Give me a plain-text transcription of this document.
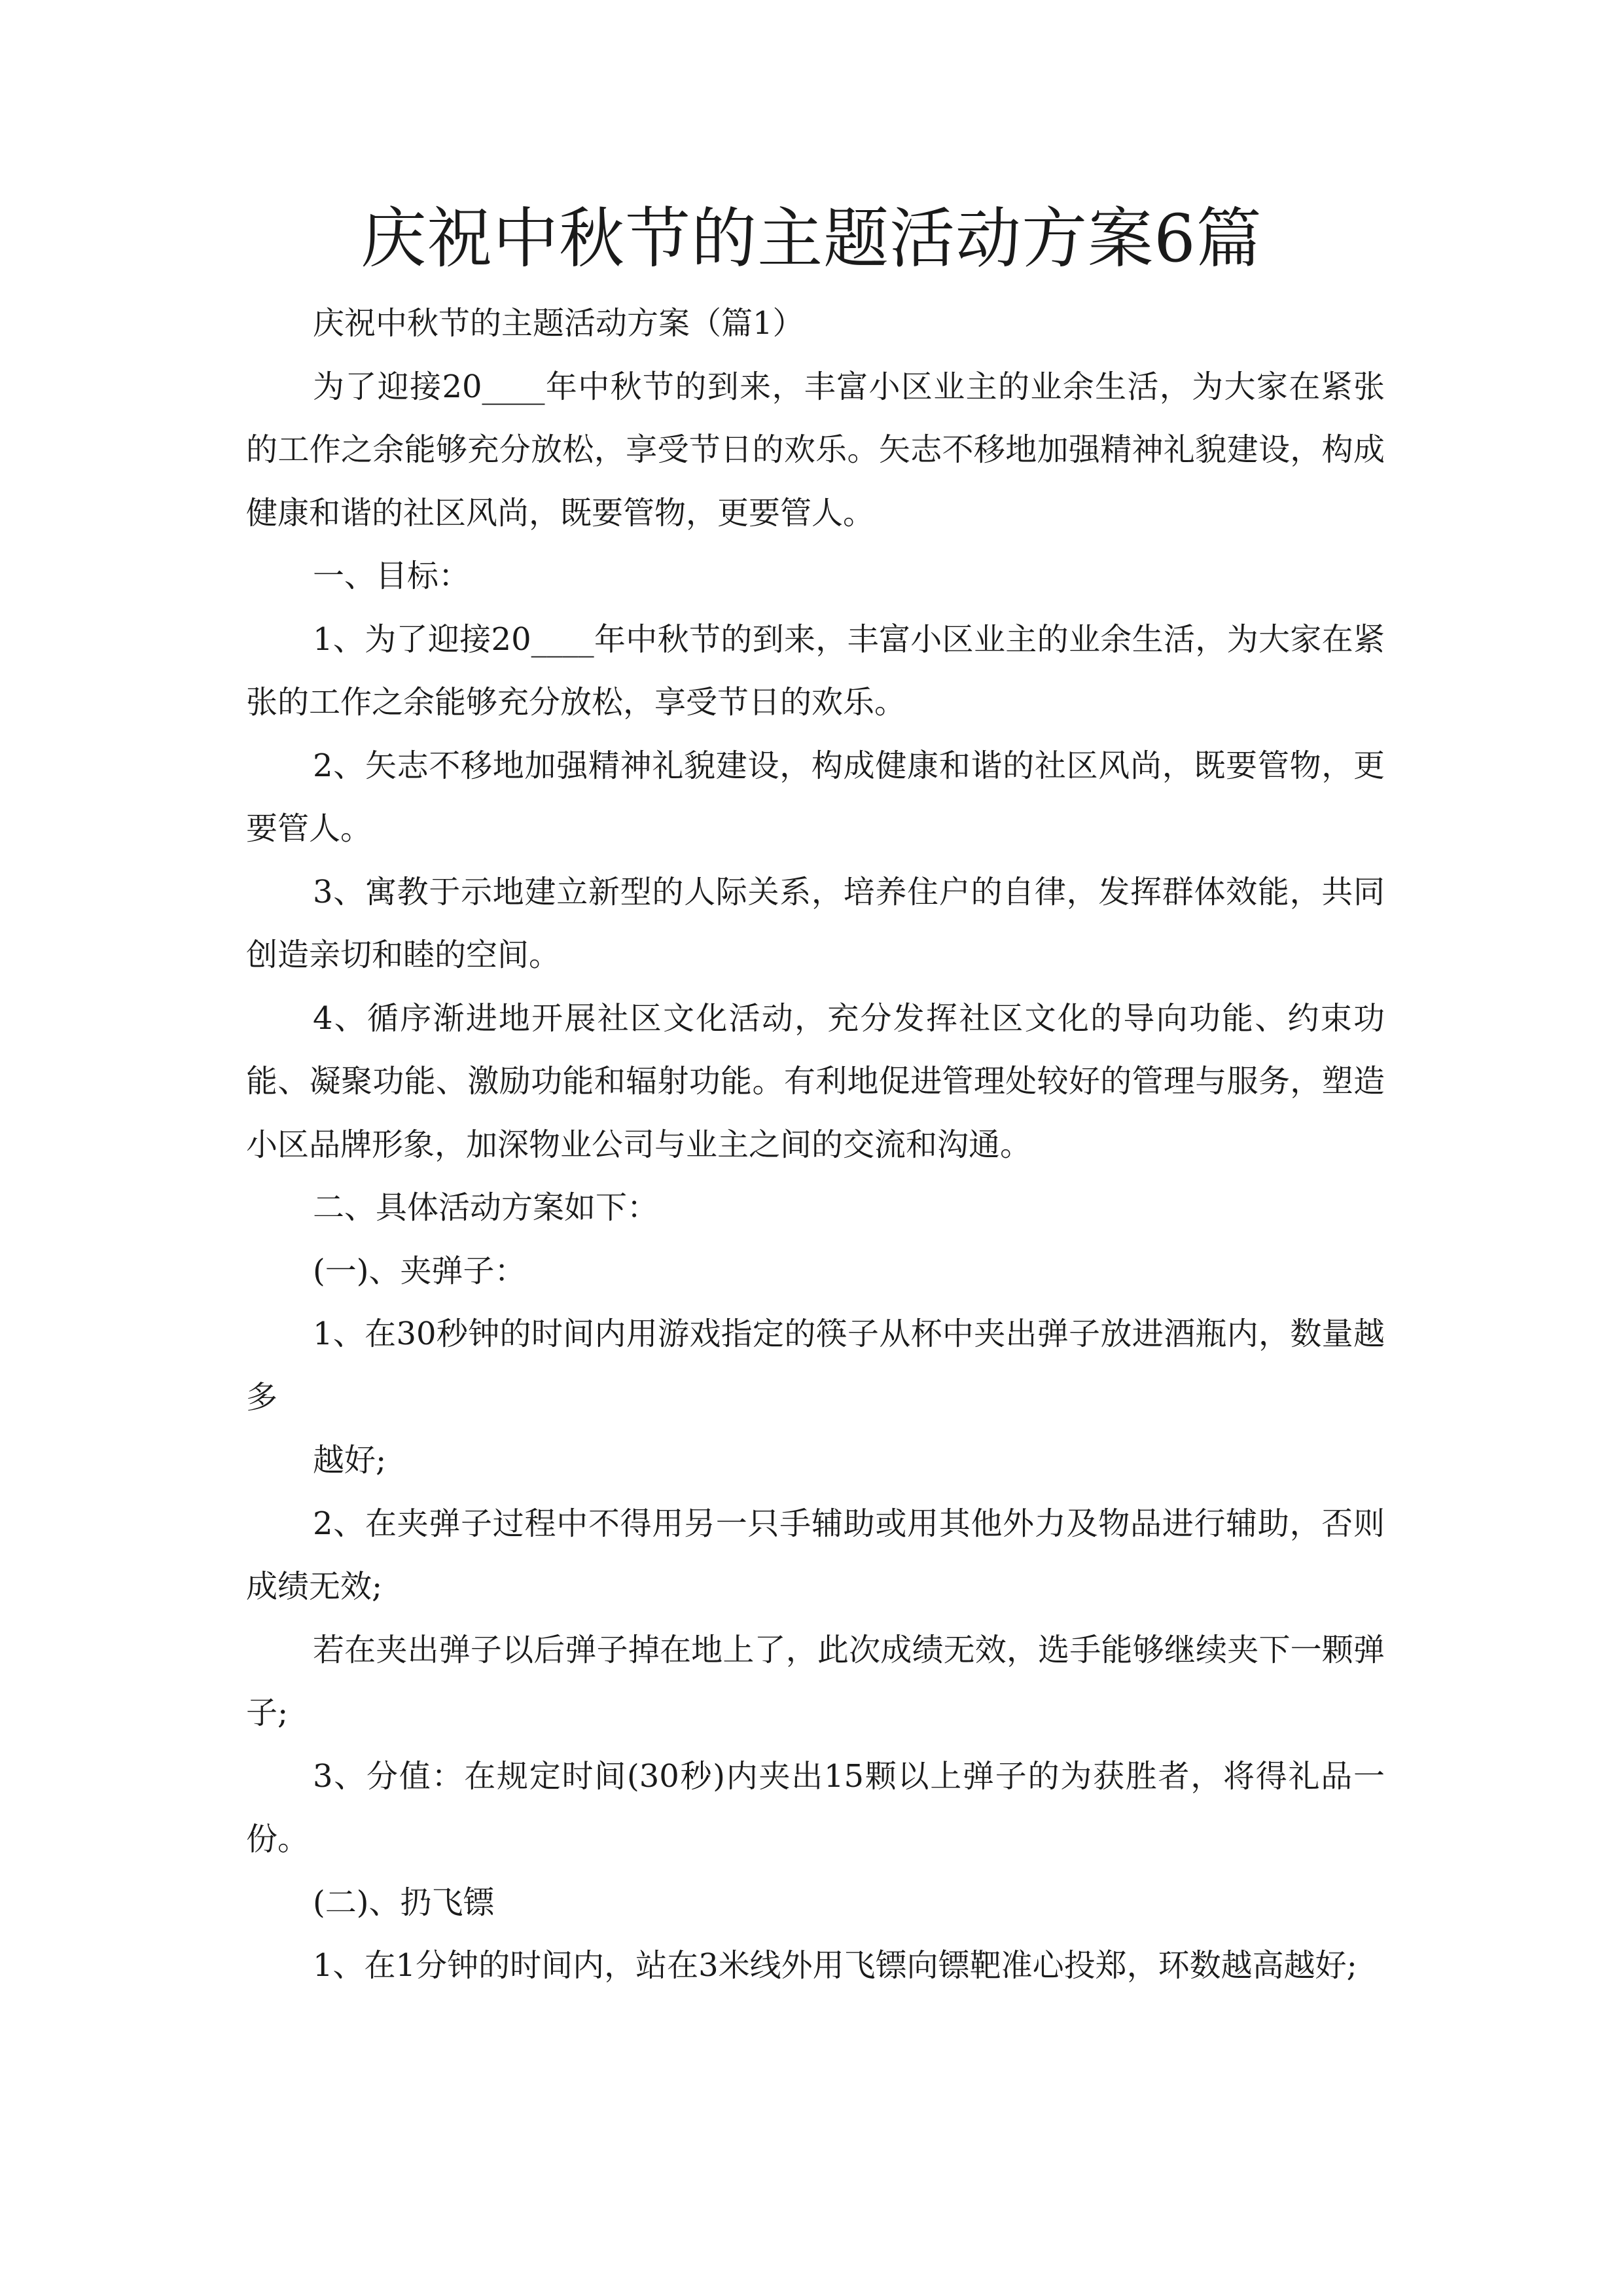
庆祝中秋节的主题活动方案6篇

庆祝中秋节的主题活动方案（篇1）

为了迎接20____年中秋节的到来，丰富小区业主的业余生活，为大家在紧张的工作之余能够充分放松，享受节日的欢乐。矢志不移地加强精神礼貌建设，构成健康和谐的社区风尚，既要管物，更要管人。

一、目标：

1、为了迎接20____年中秋节的到来，丰富小区业主的业余生活，为大家在紧张的工作之余能够充分放松，享受节日的欢乐。

2、矢志不移地加强精神礼貌建设，构成健康和谐的社区风尚，既要管物，更要管人。

3、寓教于示地建立新型的人际关系，培养住户的自律，发挥群体效能，共同创造亲切和睦的空间。

4、循序渐进地开展社区文化活动，充分发挥社区文化的导向功能、约束功能、凝聚功能、激励功能和辐射功能。有利地促进管理处较好的管理与服务，塑造小区品牌形象，加深物业公司与业主之间的交流和沟通。

二、具体活动方案如下：

(一)、夹弹子：

1、在30秒钟的时间内用游戏指定的筷子从杯中夹出弹子放进酒瓶内，数量越多

越好;

2、在夹弹子过程中不得用另一只手辅助或用其他外力及物品进行辅助，否则成绩无效;

若在夹出弹子以后弹子掉在地上了，此次成绩无效，选手能够继续夹下一颗弹子;

3、分值：在规定时间(30秒)内夹出15颗以上弹子的为获胜者，将得礼品一份。

(二)、扔飞镖

1、在1分钟的时间内，站在3米线外用飞镖向镖靶准心投郑，环数越高越好;
